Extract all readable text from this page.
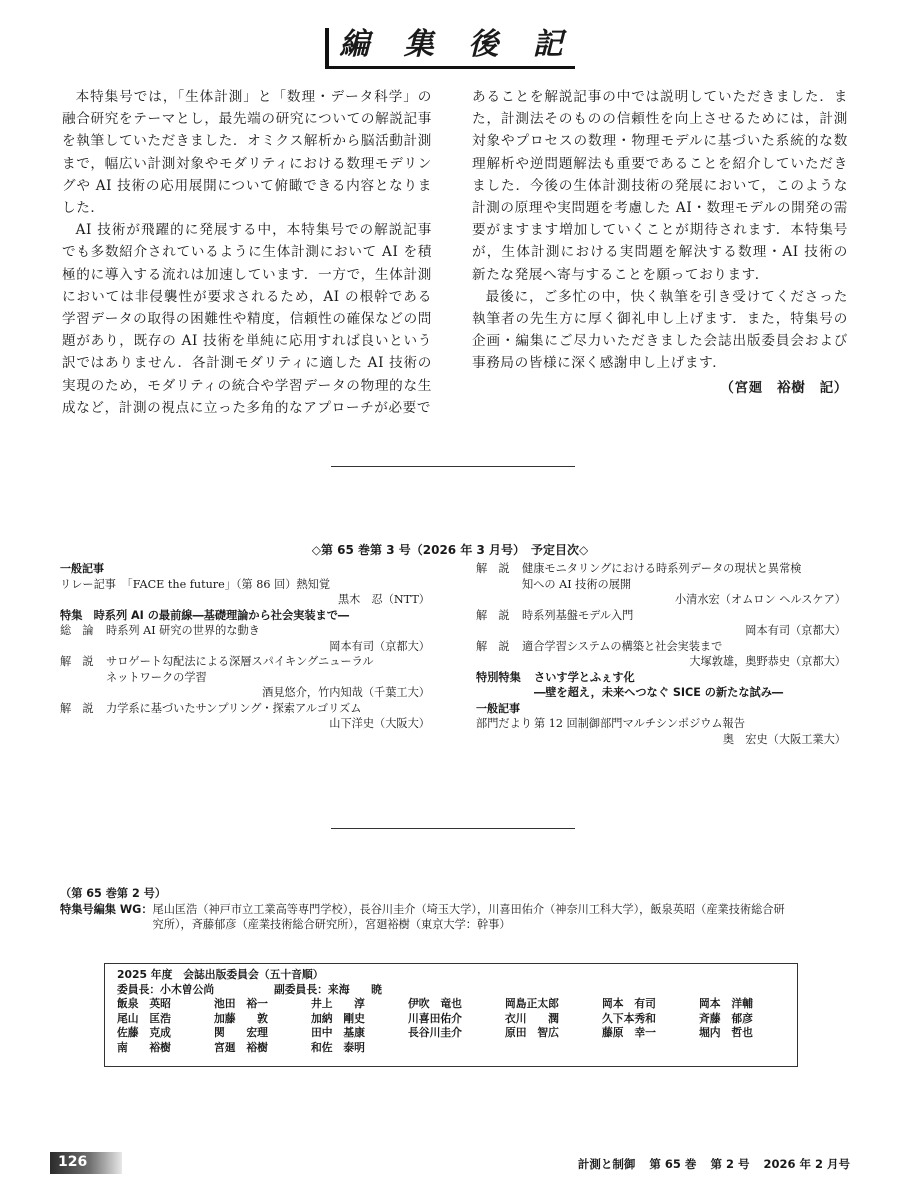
編 集 後 記

本特集号では，「生体計測」と「数理・データ科学」の融合研究をテーマとし，最先端の研究についての解説記事を執筆していただきました．オミクス解析から脳活動計測まで，幅広い計測対象やモダリティにおける数理モデリングや AI 技術の応用展開について俯瞰できる内容となりました．

AI 技術が飛躍的に発展する中，本特集号での解説記事でも多数紹介されているように生体計測において AI を積極的に導入する流れは加速しています．一方で，生体計測においては非侵襲性が要求されるため，AI の根幹である学習データの取得の困難性や精度，信頼性の確保などの問題があり，既存の AI 技術を単純に応用すれば良いという訳ではありません．各計測モダリティに適した AI 技術の実現のため，モダリティの統合や学習データの物理的な生成など，計測の視点に立った多角的なアプローチが必要で

あることを解説記事の中では説明していただきました．また，計測法そのものの信頼性を向上させるためには，計測対象やプロセスの数理・物理モデルに基づいた系統的な数理解析や逆問題解法も重要であることを紹介していただきました．今後の生体計測技術の発展において，このような計測の原理や実問題を考慮した AI・数理モデルの開発の需要がますます増加していくことが期待されます．本特集号が，生体計測における実問題を解決する数理・AI 技術の新たな発展へ寄与することを願っております．

最後に，ご多忙の中，快く執筆を引き受けてくださった執筆者の先生方に厚く御礼申し上げます．また，特集号の企画・編集にご尽力いただきました会誌出版委員会および事務局の皆様に深く感謝申し上げます．

（宮廻　裕樹　記）
◇第 65 巻第 3 号（2026 年 3 月号）　予定目次◇
一般記事
リレー記事　「FACE the future」（第 86 回）熱知覚
黒木　忍（NTT）
特集　時系列 AI の最前線―基礎理論から社会実装まで―
総　論	時系列 AI 研究の世界的な動き
岡本有司（京都大）
解　説	サロゲート勾配法による深層スパイキングニューラル
ネットワークの学習
酒見悠介，竹内知哉（千葉工大）
解　説	力学系に基づいたサンプリング・探索アルゴリズム
山下洋史（大阪大）
解　説	健康モニタリングにおける時系列データの現状と異常検
知への AI 技術の展開
小清水宏（オムロン ヘルスケア）
解　説	時系列基盤モデル入門
岡本有司（京都大）
解　説	適合学習システムの構築と社会実装まで
大塚敦雄，奥野恭史（京都大）
特別特集	さいす学とふぇす化
―壁を超え，未来へつなぐ SICE の新たな試み―
一般記事
部門だより 第 12 回制御部門マルチシンポジウム報告
奥　宏史（大阪工業大）
（第 65 巻第 2 号）
特集号編集 WG： 尾山匡浩（神戸市立工業高等専門学校），長谷川圭介（埼玉大学），川喜田佑介（神奈川工科大学），飯泉英昭（産業技術総合研
究所），斉藤郁彦（産業技術総合研究所），宮廻裕樹（東京大学：幹事）
2025 年度　会誌出版委員会（五十音順）
委員長：小木曽公尚	副委員長：来海　　暁
飯泉　英昭	池田　裕一	井上　　淳	伊吹　竜也	岡島正太郎	岡本　有司	岡本　洋輔
尾山　匡浩	加藤　　敦	加納　剛史	川喜田佑介	衣川　　潤	久下本秀和	斉藤　郁彦
佐藤　克成	関　　宏理	田中　基康	長谷川圭介	原田　智広	藤原　幸一	堀内　哲也
南　　裕樹	宮廻　裕樹	和佐　泰明
126	計測と制御 第 65 巻 第 2 号 2026 年 2 月号
